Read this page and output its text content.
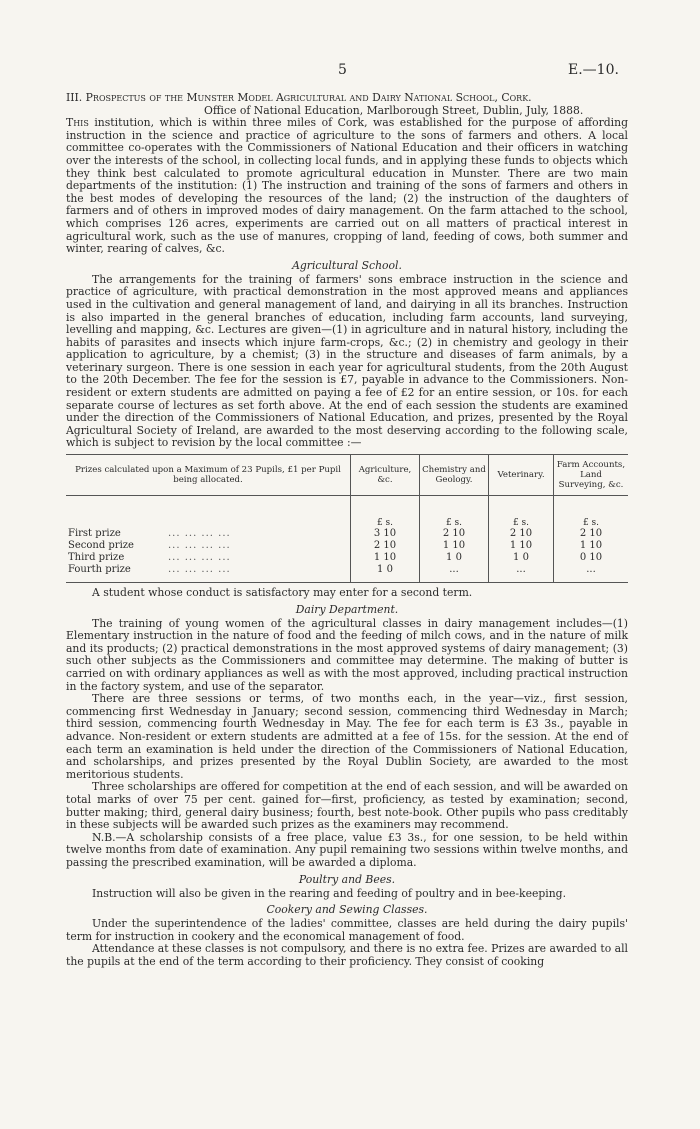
5	E.—10.
III. Prospectus of the Munster Model Agricultural and Dairy National School, Cork.
Office of National Education, Marlborough Street, Dublin, July, 1888.

This institution, which is within three miles of Cork, was established for the purpose of affording instruction in the science and practice of agriculture to the sons of farmers and others. A local committee co-operates with the Commissioners of National Education and their officers in watching over the interests of the school, in collecting local funds, and in applying these funds to objects which they think best calculated to promote agricultural education in Munster. There are two main departments of the institution: (1) The instruction and training of the sons of farmers and others in the best modes of developing the resources of the land; (2) the instruction of the daughters of farmers and of others in improved modes of dairy management. On the farm attached to the school, which comprises 126 acres, experiments are carried out on all matters of practical interest in agricultural work, such as the use of manures, cropping of land, feeding of cows, both summer and winter, rearing of calves, &c.

Agricultural School.

The arrangements for the training of farmers' sons embrace instruction in the science and practice of agriculture, with practical demonstration in the most approved means and appliances used in the cultivation and general management of land, and dairying in all its branches. Instruction is also imparted in the general branches of education, including farm accounts, land surveying, levelling and mapping, &c. Lectures are given—(1) in agriculture and in natural history, including the habits of parasites and insects which injure farm-crops, &c.; (2) in chemistry and geology in their application to agriculture, by a chemist; (3) in the structure and diseases of farm animals, by a veterinary surgeon. There is one session in each year for agricultural students, from the 20th August to the 20th December. The fee for the session is £7, payable in advance to the Commissioners. Non-resident or extern students are admitted on paying a fee of £2 for an entire session, or 10s. for each separate course of lectures as set forth above. At the end of each session the students are examined under the direction of the Commissioners of National Education, and prizes, presented by the Royal Agricultural Society of Ireland, are awarded to the most deserving according to the following scale, which is subject to revision by the local committee :—

Prizes calculated upon a Maximum of 23 Pupils, £1 per Pupil being allocated.	Agriculture, &c.	Chemistry and Geology.	Veterinary.	Farm Accounts, Land Surveying, &c.
	£ s.	£ s.	£ s.	£ s.
First prize ... ... ... ...	3 10	2 10	2 10	2 10
Second prize ... ... ... ...	2 10	1 10	1 10	1 10
Third prize ... ... ... ...	1 10	1 0	1 0	0 10
Fourth prize ... ... ... ...	1 0	...	...	...

A student whose conduct is satisfactory may enter for a second term.

Dairy Department.

The training of young women of the agricultural classes in dairy management includes—(1) Elementary instruction in the nature of food and the feeding of milch cows, and in the nature of milk and its products; (2) practical demonstrations in the most approved systems of dairy management; (3) such other subjects as the Commissioners and committee may determine. The making of butter is carried on with ordinary appliances as well as with the most approved, including practical instruction in the factory system, and use of the separator.

There are three sessions or terms, of two months each, in the year—viz., first session, commencing first Wednesday in January; second session, commencing third Wednesday in March; third session, commencing fourth Wednesday in May. The fee for each term is £3 3s., payable in advance. Non-resident or extern students are admitted at a fee of 15s. for the session. At the end of each term an examination is held under the direction of the Commissioners of National Education, and scholarships, and prizes presented by the Royal Dublin Society, are awarded to the most meritorious students.

Three scholarships are offered for competition at the end of each session, and will be awarded on total marks of over 75 per cent. gained for—first, proficiency, as tested by examination; second, butter making; third, general dairy business; fourth, best note-book. Other pupils who pass creditably in these subjects will be awarded such prizes as the examiners may recommend.

N.B.—A scholarship consists of a free place, value £3 3s., for one session, to be held within twelve months from date of examination. Any pupil remaining two sessions within twelve months, and passing the prescribed examination, will be awarded a diploma.

Poultry and Bees.

Instruction will also be given in the rearing and feeding of poultry and in bee-keeping.

Cookery and Sewing Classes.

Under the superintendence of the ladies' committee, classes are held during the dairy pupils' term for instruction in cookery and the economical management of food.

Attendance at these classes is not compulsory, and there is no extra fee. Prizes are awarded to all the pupils at the end of the term according to their proficiency. They consist of cooking
